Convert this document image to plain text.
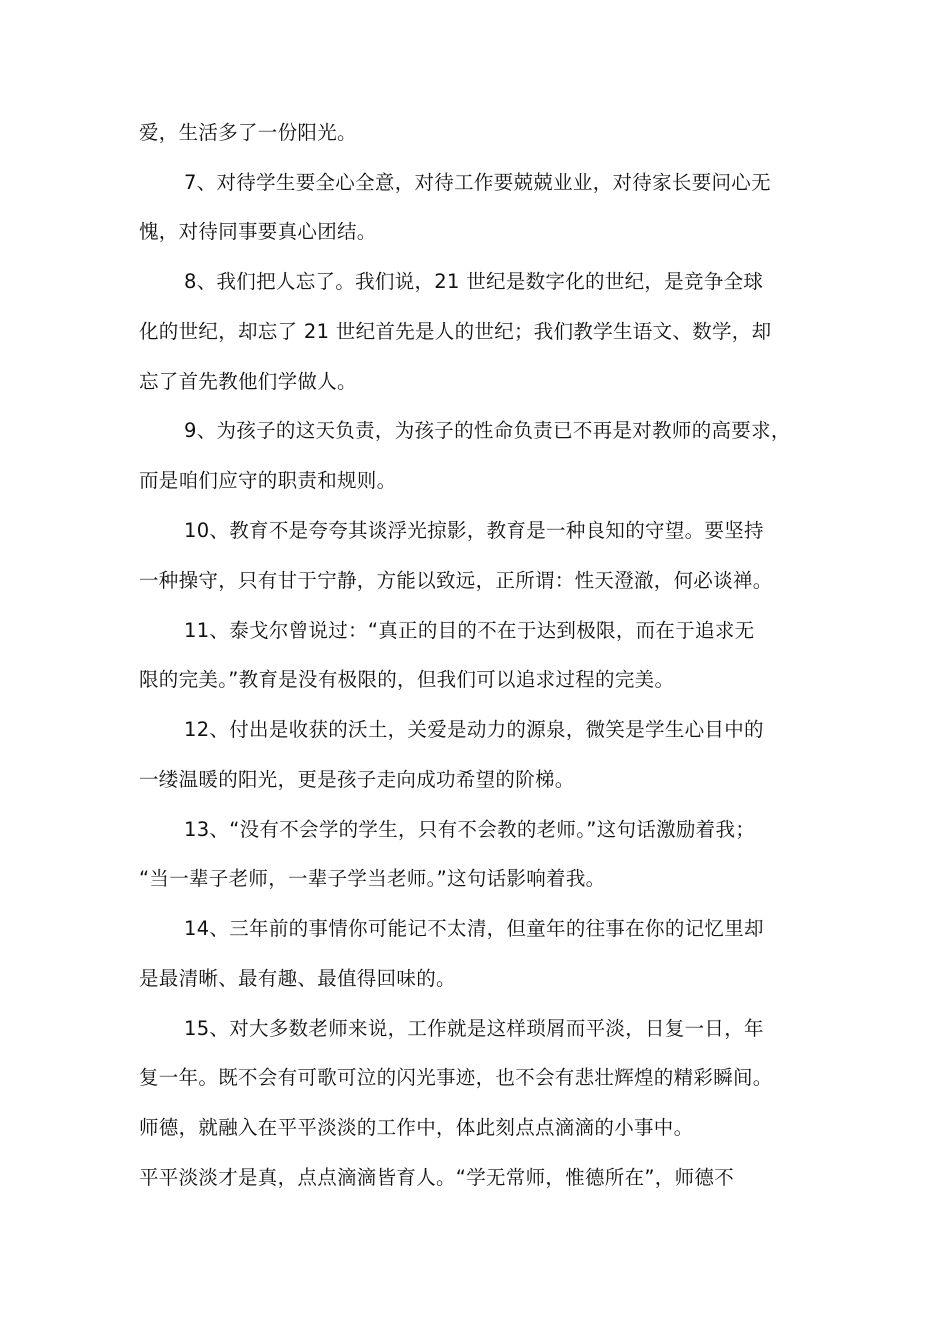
爱，生活多了一份阳光。
7、对待学生要全心全意，对待工作要兢兢业业，对待家长要问心无
愧，对待同事要真心团结。
8、我们把人忘了。我们说，21 世纪是数字化的世纪，是竞争全球
化的世纪，却忘了 21 世纪首先是人的世纪；我们教学生语文、数学，却
忘了首先教他们学做人。
9、为孩子的这天负责，为孩子的性命负责已不再是对教师的高要求，
而是咱们应守的职责和规则。
10、教育不是夸夸其谈浮光掠影，教育是一种良知的守望。要坚持
一种操守，只有甘于宁静，方能以致远，正所谓：性天澄澈，何必谈禅。
11、泰戈尔曾说过：“真正的目的不在于达到极限，而在于追求无
限的完美。”教育是没有极限的，但我们可以追求过程的完美。
12、付出是收获的沃土，关爱是动力的源泉，微笑是学生心目中的
一缕温暖的阳光，更是孩子走向成功希望的阶梯。
13、“没有不会学的学生，只有不会教的老师。”这句话激励着我；
“当一辈子老师，一辈子学当老师。”这句话影响着我。
14、三年前的事情你可能记不太清，但童年的往事在你的记忆里却
是最清晰、最有趣、最值得回味的。
15、对大多数老师来说，工作就是这样琐屑而平淡，日复一日，年
复一年。既不会有可歌可泣的闪光事迹，也不会有悲壮辉煌的精彩瞬间。
师德，就融入在平平淡淡的工作中，体此刻点点滴滴的小事中。
平平淡淡才是真，点点滴滴皆育人。“学无常师，惟德所在”，师德不
